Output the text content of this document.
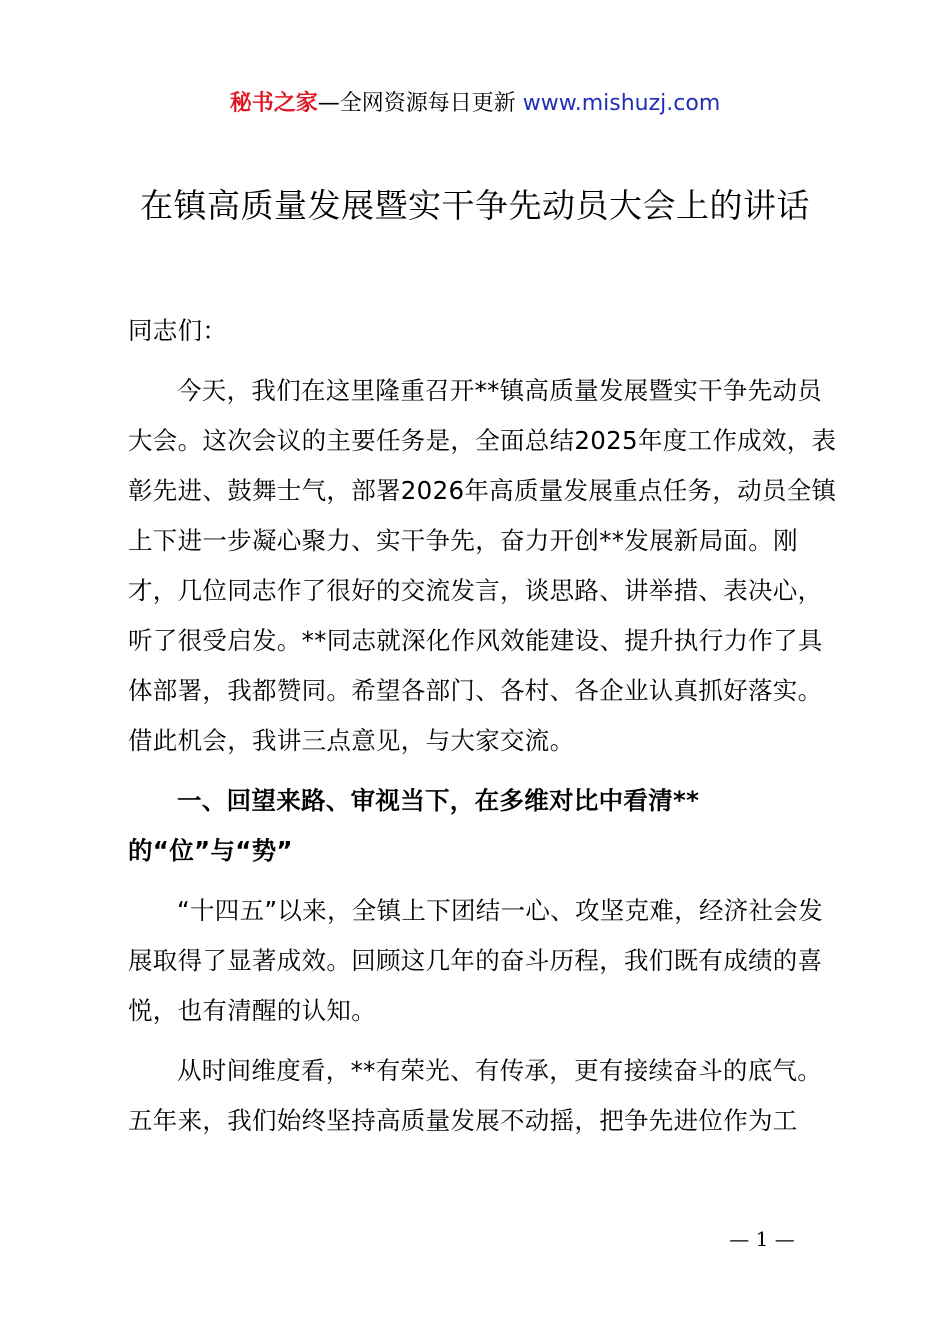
秘书之家—全网资源每日更新 www.mishuzj.com
在镇高质量发展暨实干争先动员大会上的讲话

同志们：

今天，我们在这里隆重召开**镇高质量发展暨实干争先动员大会。这次会议的主要任务是，全面总结2025年度工作成效，表彰先进、鼓舞士气，部署2026年高质量发展重点任务，动员全镇上下进一步凝心聚力、实干争先，奋力开创**发展新局面。刚才，几位同志作了很好的交流发言，谈思路、讲举措、表决心，听了很受启发。**同志就深化作风效能建设、提升执行力作了具体部署，我都赞同。希望各部门、各村、各企业认真抓好落实。借此机会，我讲三点意见，与大家交流。

一、回望来路、审视当下，在多维对比中看清**的“位”与“势”

“十四五”以来，全镇上下团结一心、攻坚克难，经济社会发展取得了显著成效。回顾这几年的奋斗历程，我们既有成绩的喜悦，也有清醒的认知。

从时间维度看，**有荣光、有传承，更有接续奋斗的底气。五年来，我们始终坚持高质量发展不动摇，把争先进位作为工

— 1 —
